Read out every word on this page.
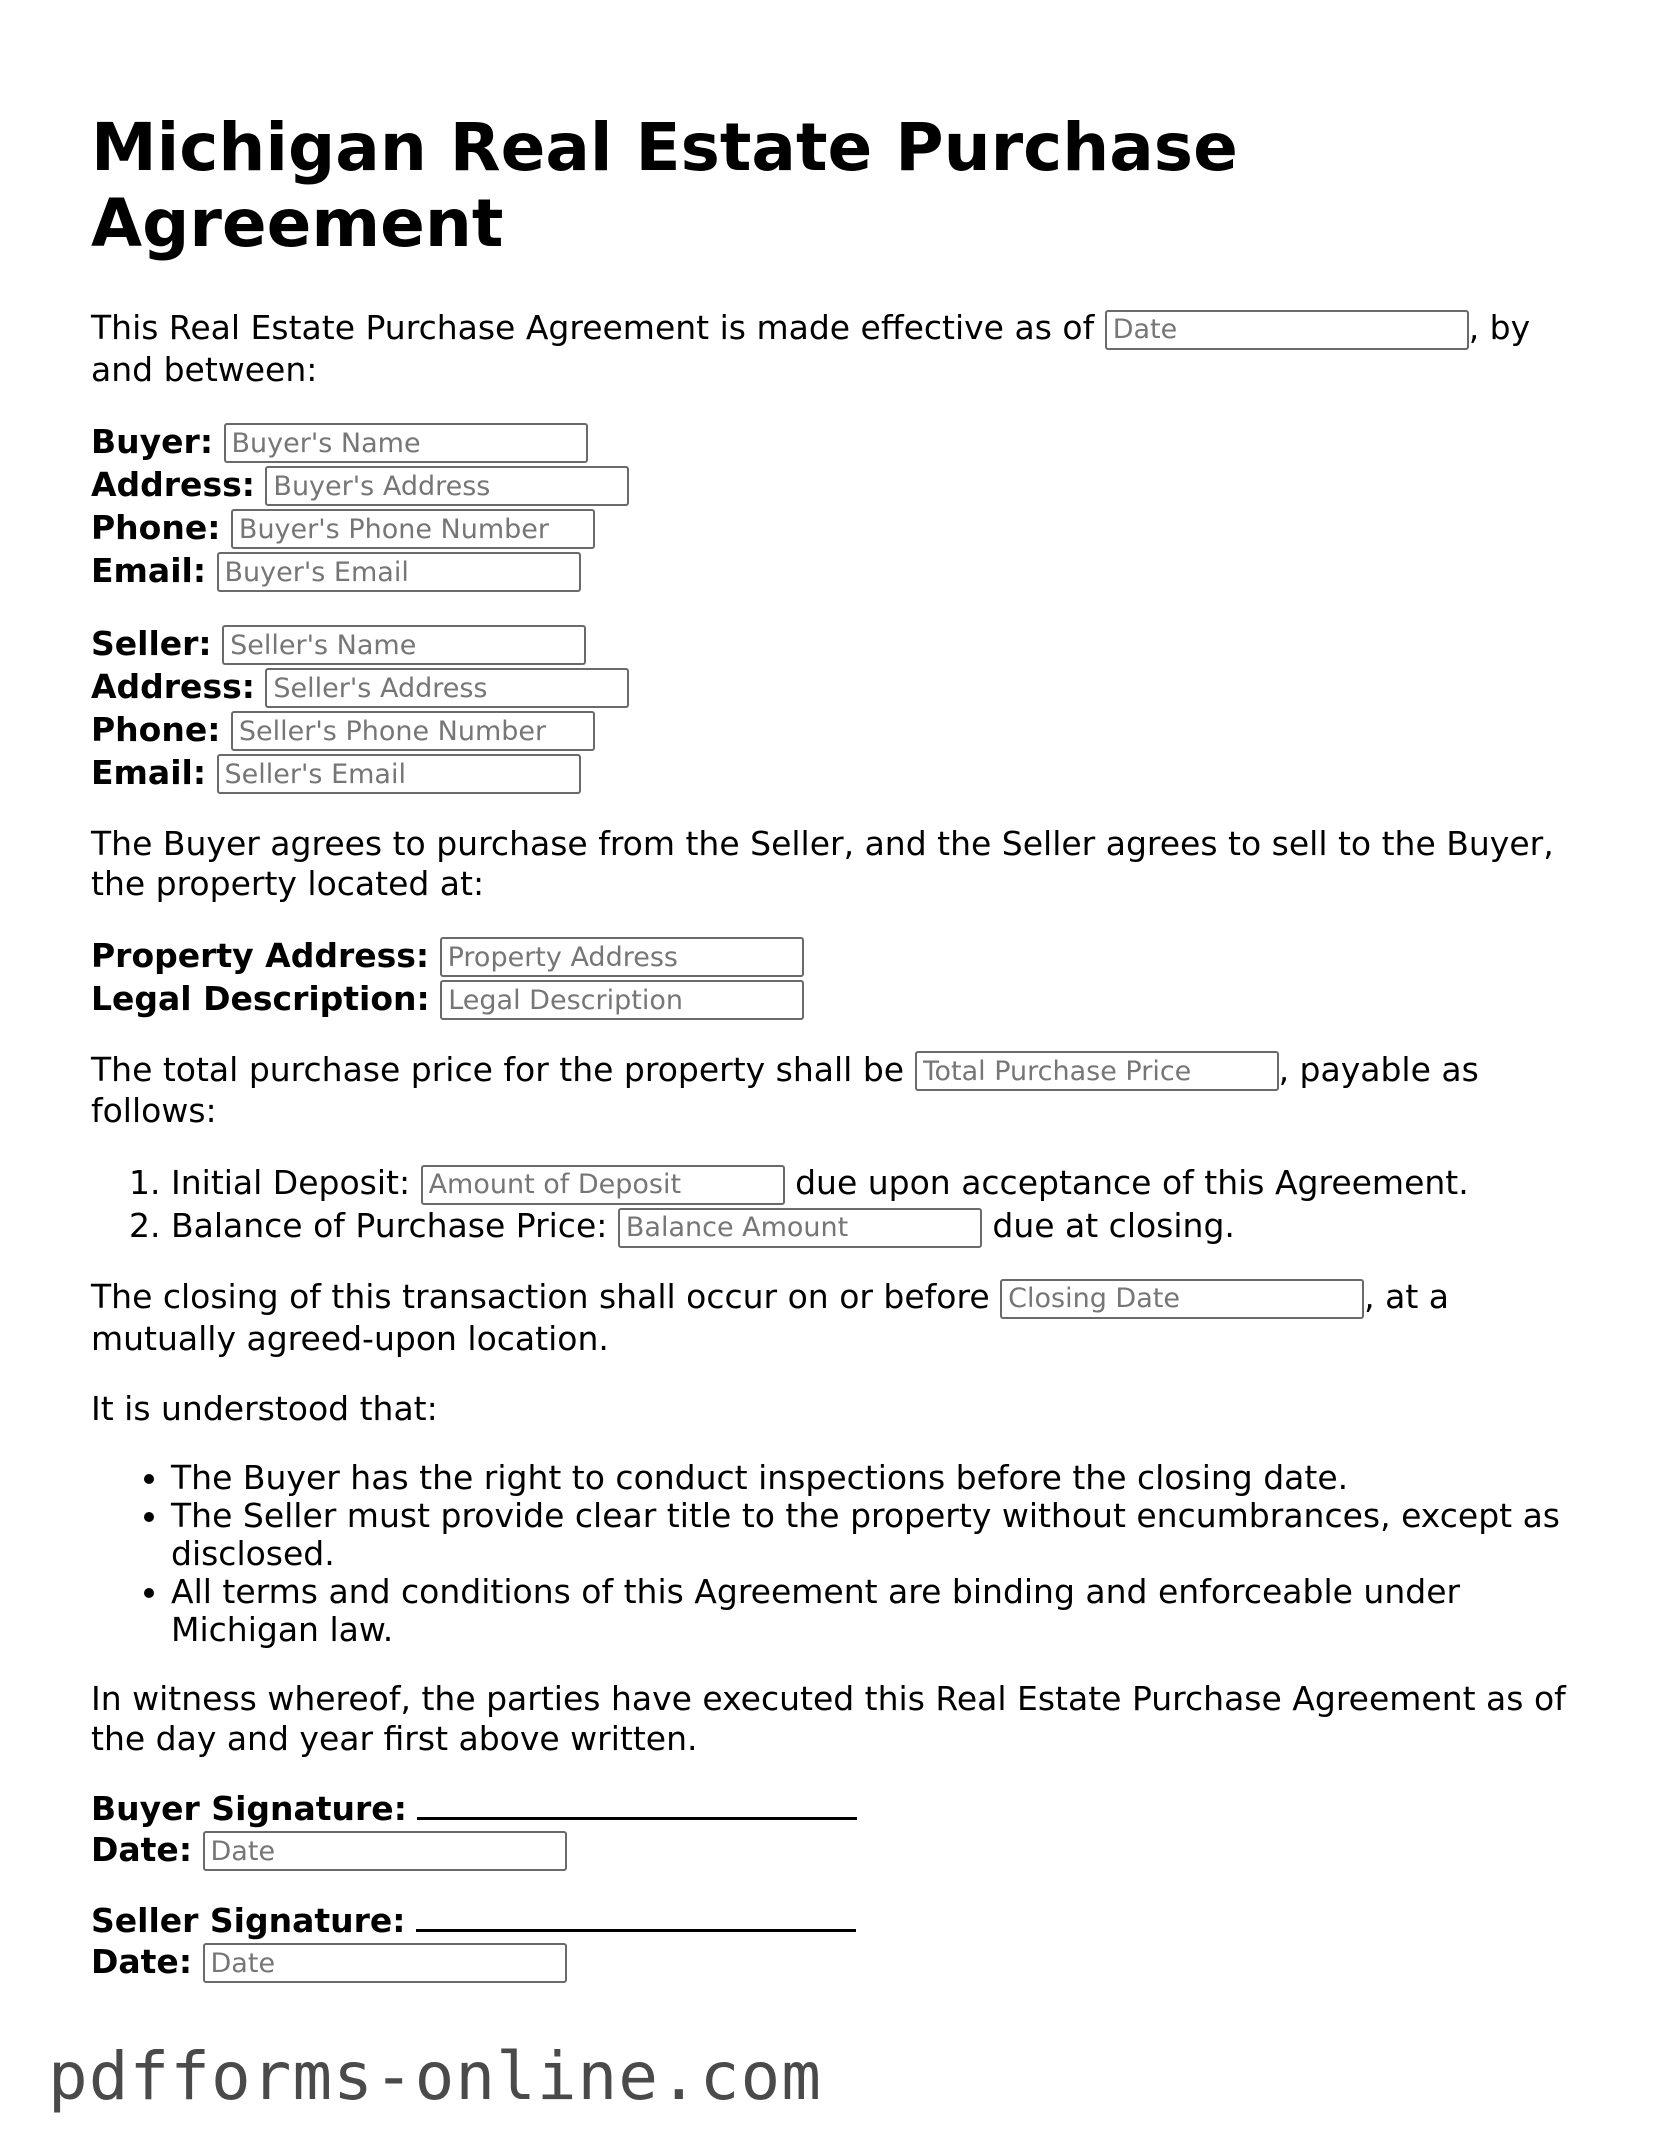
Michigan Real Estate Purchase Agreement

This Real Estate Purchase Agreement is made effective as of Date	, by and between:

Buyer: Buyer's Name
Address: Buyer's Address
Phone: Buyer's Phone Number
Email: Buyer's Email
Seller: Seller's Name
Address: Seller's Address
Phone: Seller's Phone Number
Email: Seller's Email

The Buyer agrees to purchase from the Seller, and the Seller agrees to sell to the Buyer, the property located at:

Property Address: Property Address
Legal Description: Legal Description

The total purchase price for the property shall be Total Purchase Price	, payable as follows:

1. Initial Deposit: Amount of Deposit	due upon acceptance of this Agreement.
2. Balance of Purchase Price: Balance Amount	due at closing.

The closing of this transaction shall occur on or before Closing Date	, at a mutually agreed-upon location.

It is understood that:

• The Buyer has the right to conduct inspections before the closing date.
• The Seller must provide clear title to the property without encumbrances, except as disclosed.
• All terms and conditions of this Agreement are binding and enforceable under Michigan law.

In witness whereof, the parties have executed this Real Estate Purchase Agreement as of the day and year first above written.

Buyer Signature:
Date: Date
Seller Signature:
Date: Date
pdfforms-online.com
